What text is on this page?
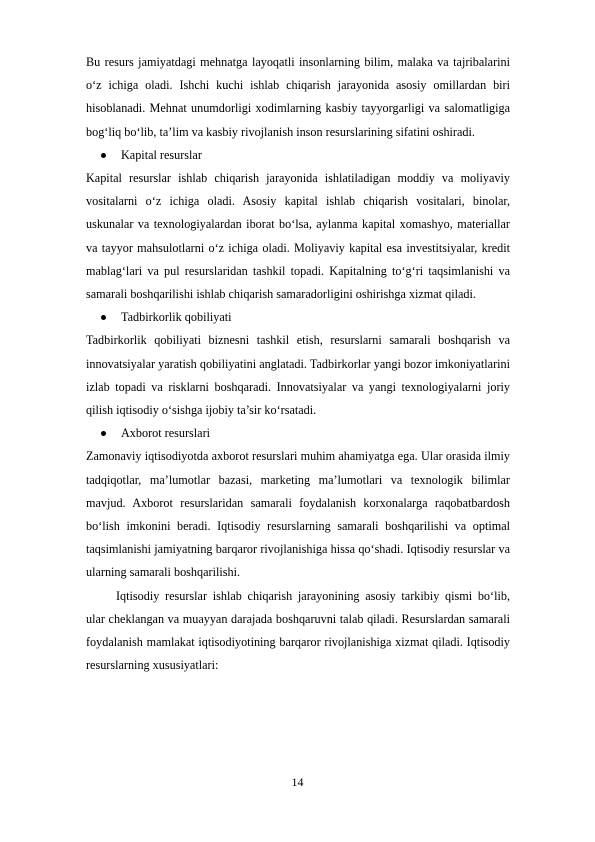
Bu resurs jamiyatdagi mehnatga layoqatli insonlarning bilim, malaka va tajribalarini o‘z ichiga oladi. Ishchi kuchi ishlab chiqarish jarayonida asosiy omillardan biri hisoblanadi. Mehnat unumdorligi xodimlarning kasbiy tayyorgarligi va salomatligiga bog‘liq bo‘lib, ta’lim va kasbiy rivojlanish inson resurslarining sifatini oshiradi.

Kapital resurslar

Kapital resurslar ishlab chiqarish jarayonida ishlatiladigan moddiy va moliyaviy vositalarni o‘z ichiga oladi. Asosiy kapital ishlab chiqarish vositalari, binolar, uskunalar va texnologiyalardan iborat bo‘lsa, aylanma kapital xomashyo, materiallar va tayyor mahsulotlarni o‘z ichiga oladi. Moliyaviy kapital esa investitsiyalar, kredit mablag‘lari va pul resurslaridan tashkil topadi. Kapitalning to‘g‘ri taqsimlanishi va samarali boshqarilishi ishlab chiqarish samaradorligini oshirishga xizmat qiladi.

Tadbirkorlik qobiliyati

Tadbirkorlik qobiliyati biznesni tashkil etish, resurslarni samarali boshqarish va innovatsiyalar yaratish qobiliyatini anglatadi. Tadbirkorlar yangi bozor imkoniyatlarini izlab topadi va risklarni boshqaradi. Innovatsiyalar va yangi texnologiyalarni joriy qilish iqtisodiy o‘sishga ijobiy ta’sir ko‘rsatadi.

Axborot resurslari

Zamonaviy iqtisodiyotda axborot resurslari muhim ahamiyatga ega. Ular orasida ilmiy tadqiqotlar, ma’lumotlar bazasi, marketing ma’lumotlari va texnologik bilimlar mavjud. Axborot resurslaridan samarali foydalanish korxonalarga raqobatbardosh bo‘lish imkonini beradi. Iqtisodiy resurslarning samarali boshqarilishi va optimal taqsimlanishi jamiyatning barqaror rivojlanishiga hissa qo‘shadi. Iqtisodiy resurslar va ularning samarali boshqarilishi.

Iqtisodiy resurslar ishlab chiqarish jarayonining asosiy tarkibiy qismi bo‘lib, ular cheklangan va muayyan darajada boshqaruvni talab qiladi. Resurslardan samarali foydalanish mamlakat iqtisodiyotining barqaror rivojlanishiga xizmat qiladi. Iqtisodiy resurslarning xususiyatlari:

14
